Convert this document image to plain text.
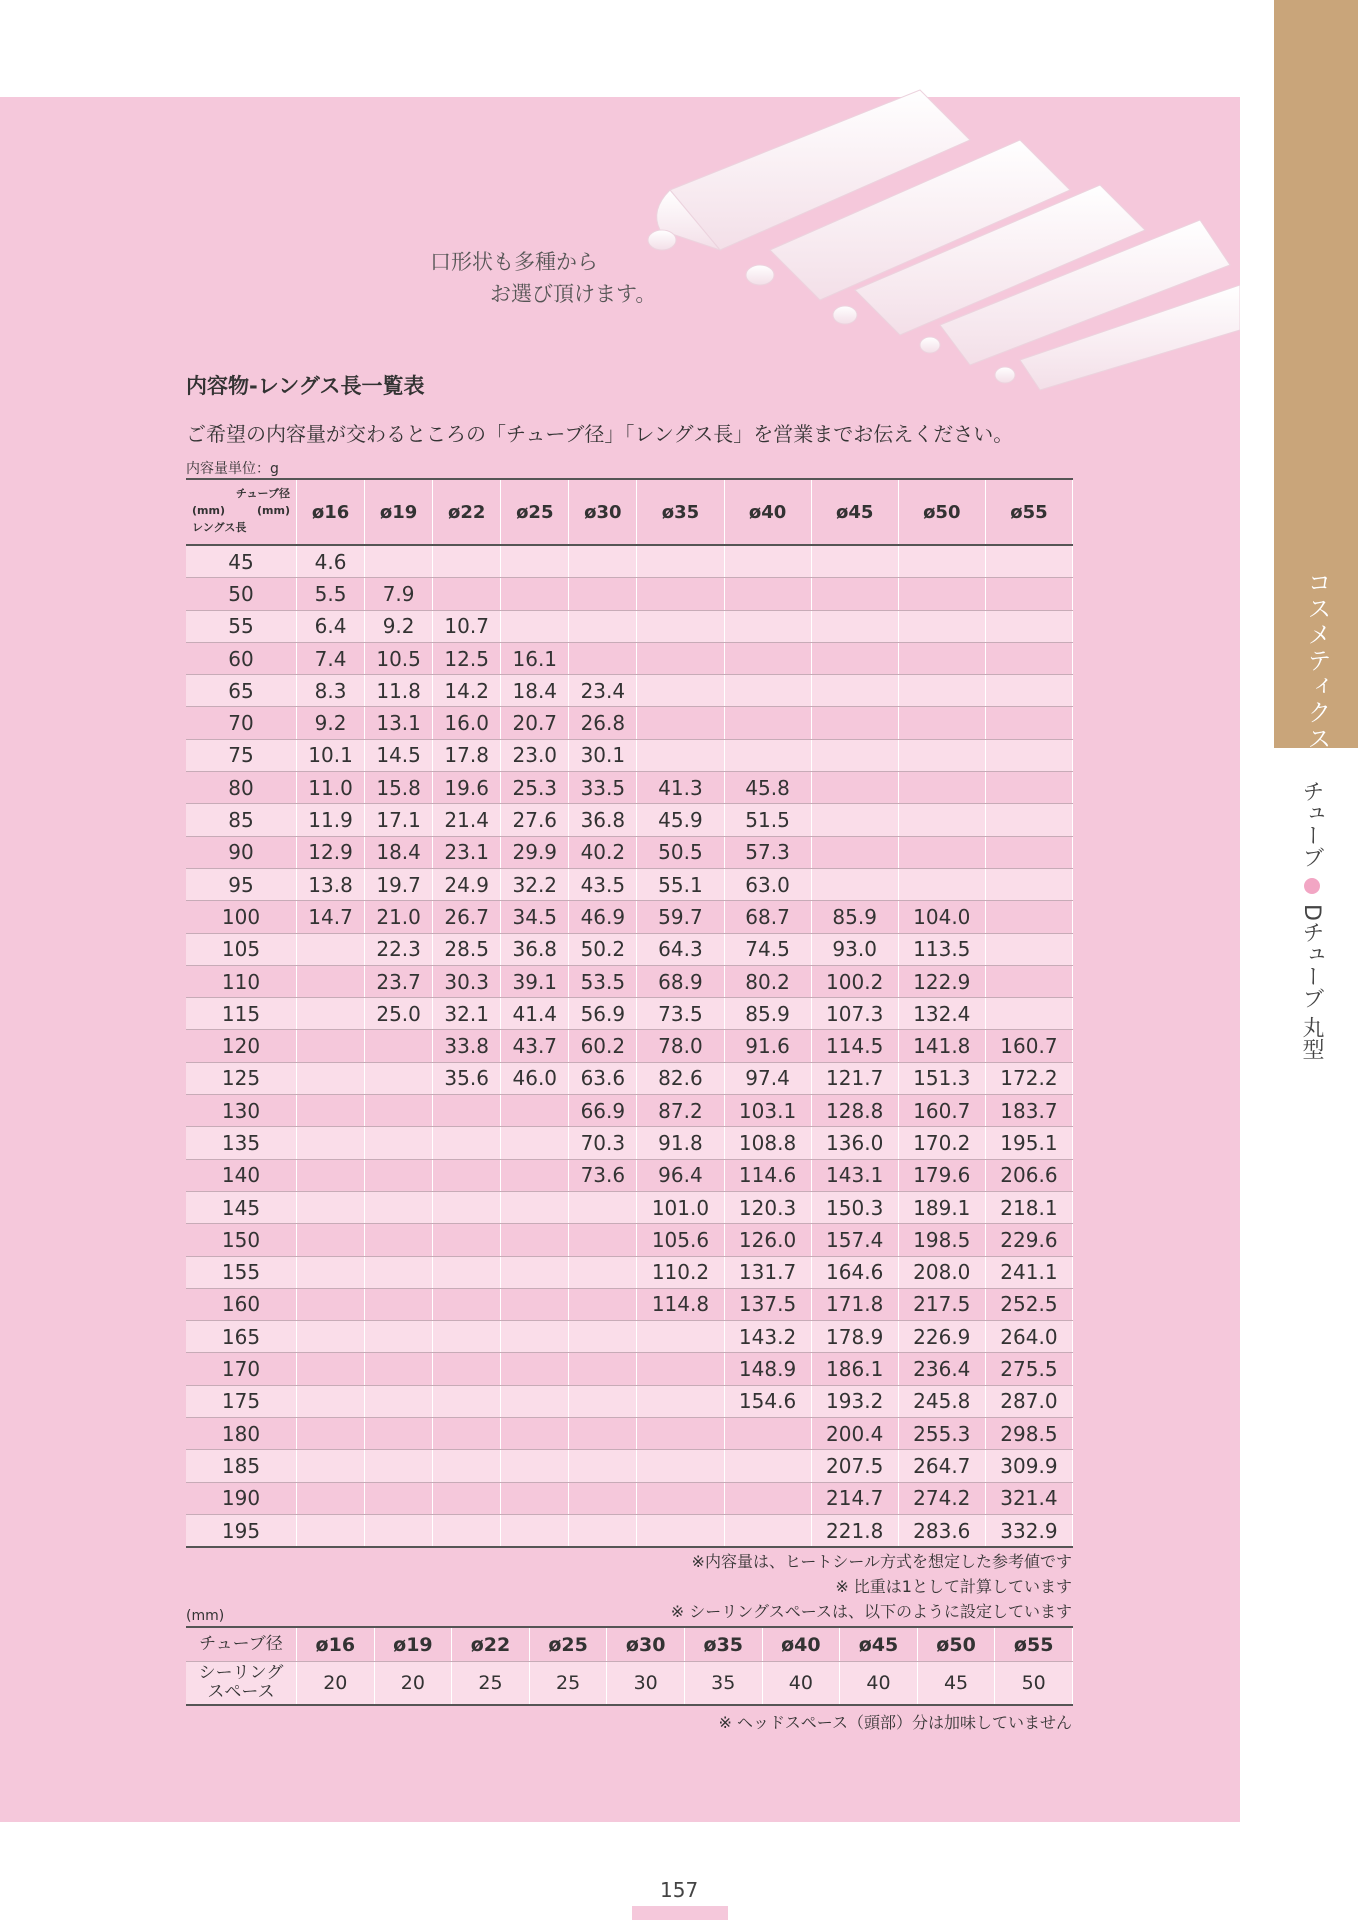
コスメティクス
チューブ
Dチューブ 丸型
口形状も多種から
お選び頂けます。
内容物-レングス長一覧表
ご希望の内容量が交わるところの「チューブ径」「レングス長」を営業までお伝えください。
内容量単位：g
チューブ径
(mm) (mm)
レングス長	ø16	ø19	ø22	ø25	ø30	ø35	ø40	ø45	ø50	ø55
45	4.6									
50	5.5	7.9								
55	6.4	9.2	10.7							
60	7.4	10.5	12.5	16.1						
65	8.3	11.8	14.2	18.4	23.4					
70	9.2	13.1	16.0	20.7	26.8					
75	10.1	14.5	17.8	23.0	30.1					
80	11.0	15.8	19.6	25.3	33.5	41.3	45.8			
85	11.9	17.1	21.4	27.6	36.8	45.9	51.5			
90	12.9	18.4	23.1	29.9	40.2	50.5	57.3			
95	13.8	19.7	24.9	32.2	43.5	55.1	63.0			
100	14.7	21.0	26.7	34.5	46.9	59.7	68.7	85.9	104.0	
105		22.3	28.5	36.8	50.2	64.3	74.5	93.0	113.5	
110		23.7	30.3	39.1	53.5	68.9	80.2	100.2	122.9	
115		25.0	32.1	41.4	56.9	73.5	85.9	107.3	132.4	
120			33.8	43.7	60.2	78.0	91.6	114.5	141.8	160.7
125			35.6	46.0	63.6	82.6	97.4	121.7	151.3	172.2
130					66.9	87.2	103.1	128.8	160.7	183.7
135					70.3	91.8	108.8	136.0	170.2	195.1
140					73.6	96.4	114.6	143.1	179.6	206.6
145						101.0	120.3	150.3	189.1	218.1
150						105.6	126.0	157.4	198.5	229.6
155						110.2	131.7	164.6	208.0	241.1
160						114.8	137.5	171.8	217.5	252.5
165							143.2	178.9	226.9	264.0
170							148.9	186.1	236.4	275.5
175							154.6	193.2	245.8	287.0
180								200.4	255.3	298.5
185								207.5	264.7	309.9
190								214.7	274.2	321.4
195								221.8	283.6	332.9
※内容量は、ヒートシール方式を想定した参考値です
※ 比重は1として計算しています
※ シーリングスペースは、以下のように設定しています
(mm)
チューブ径	ø16	ø19	ø22	ø25	ø30	ø35	ø40	ø45	ø50	ø55

シーリング
スペース	20	20	25	25	30	35	40	40	45	50
※ ヘッドスペース（頭部）分は加味していません
157
